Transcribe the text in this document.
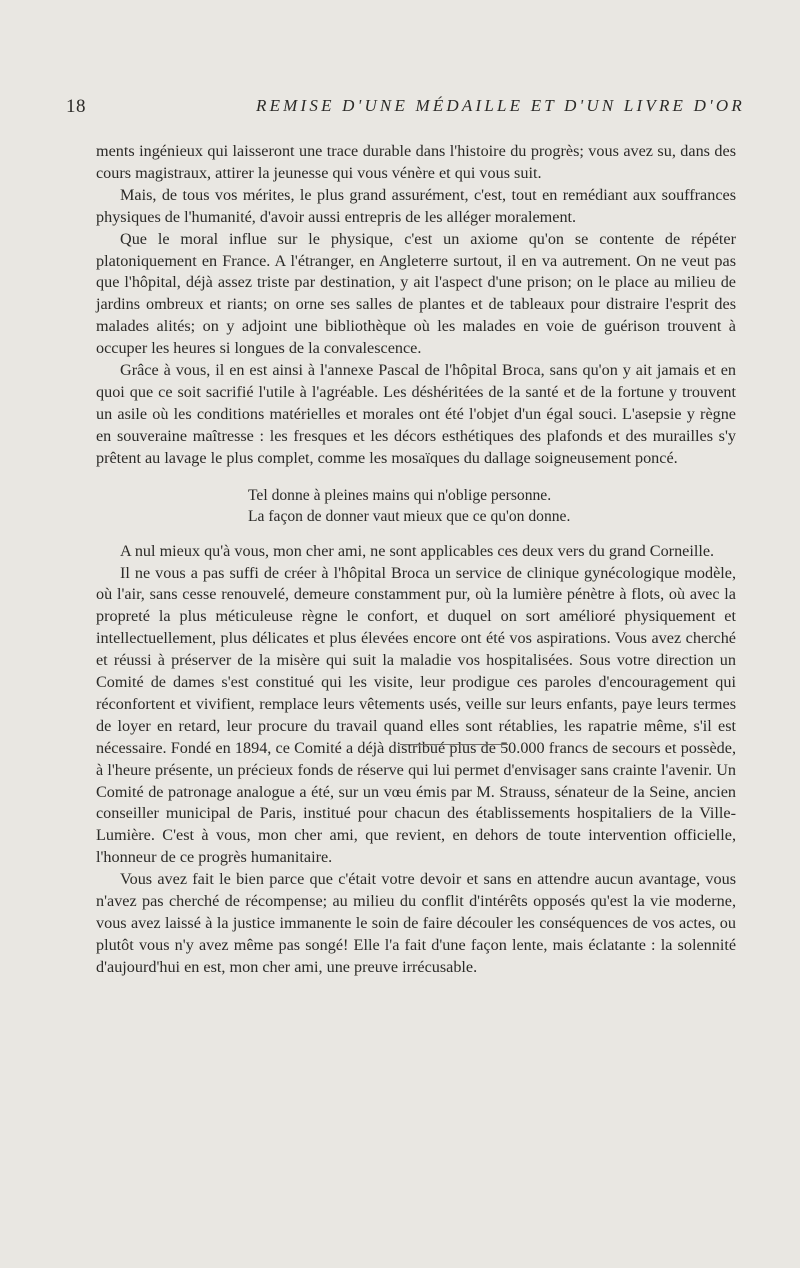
18	REMISE D'UNE MÉDAILLE ET D'UN LIVRE D'OR

ments ingénieux qui laisseront une trace durable dans l'histoire du progrès; vous avez su, dans des cours magistraux, attirer la jeunesse qui vous vénère et qui vous suit.

Mais, de tous vos mérites, le plus grand assurément, c'est, tout en remédiant aux souffrances physiques de l'humanité, d'avoir aussi entrepris de les alléger moralement.

Que le moral influe sur le physique, c'est un axiome qu'on se contente de répéter platoniquement en France. A l'étranger, en Angleterre surtout, il en va autrement. On ne veut pas que l'hôpital, déjà assez triste par destination, y ait l'aspect d'une prison; on le place au milieu de jardins ombreux et riants; on orne ses salles de plantes et de tableaux pour distraire l'esprit des malades alités; on y adjoint une bibliothèque où les malades en voie de guérison trouvent à occuper les heures si longues de la convalescence.

Grâce à vous, il en est ainsi à l'annexe Pascal de l'hôpital Broca, sans qu'on y ait jamais et en quoi que ce soit sacrifié l'utile à l'agréable. Les déshéritées de la santé et de la fortune y trouvent un asile où les conditions matérielles et morales ont été l'objet d'un égal souci. L'asepsie y règne en souveraine maîtresse : les fresques et les décors esthétiques des plafonds et des murailles s'y prêtent au lavage le plus complet, comme les mosaïques du dallage soigneusement poncé.

Tel donne à pleines mains qui n'oblige personne.
La façon de donner vaut mieux que ce qu'on donne.

A nul mieux qu'à vous, mon cher ami, ne sont applicables ces deux vers du grand Corneille.

Il ne vous a pas suffi de créer à l'hôpital Broca un service de clinique gynécologique modèle, où l'air, sans cesse renouvelé, demeure constamment pur, où la lumière pénètre à flots, où avec la propreté la plus méticuleuse règne le confort, et duquel on sort amélioré physiquement et intellectuellement, plus délicates et plus élevées encore ont été vos aspirations. Vous avez cherché et réussi à préserver de la misère qui suit la maladie vos hospitalisées. Sous votre direction un Comité de dames s'est constitué qui les visite, leur prodigue ces paroles d'encouragement qui réconfortent et vivifient, remplace leurs vêtements usés, veille sur leurs enfants, paye leurs termes de loyer en retard, leur procure du travail quand elles sont rétablies, les rapatrie même, s'il est nécessaire. Fondé en 1894, ce Comité a déjà distribué plus de 50.000 francs de secours et possède, à l'heure présente, un précieux fonds de réserve qui lui permet d'envisager sans crainte l'avenir. Un Comité de patronage analogue a été, sur un vœu émis par M. Strauss, sénateur de la Seine, ancien conseiller municipal de Paris, institué pour chacun des établissements hospitaliers de la Ville-Lumière. C'est à vous, mon cher ami, que revient, en dehors de toute intervention officielle, l'honneur de ce progrès humanitaire.

Vous avez fait le bien parce que c'était votre devoir et sans en attendre aucun avantage, vous n'avez pas cherché de récompense; au milieu du conflit d'intérêts opposés qu'est la vie moderne, vous avez laissé à la justice immanente le soin de faire découler les conséquences de vos actes, ou plutôt vous n'y avez même pas songé! Elle l'a fait d'une façon lente, mais éclatante : la solennité d'aujourd'hui en est, mon cher ami, une preuve irrécusable.
